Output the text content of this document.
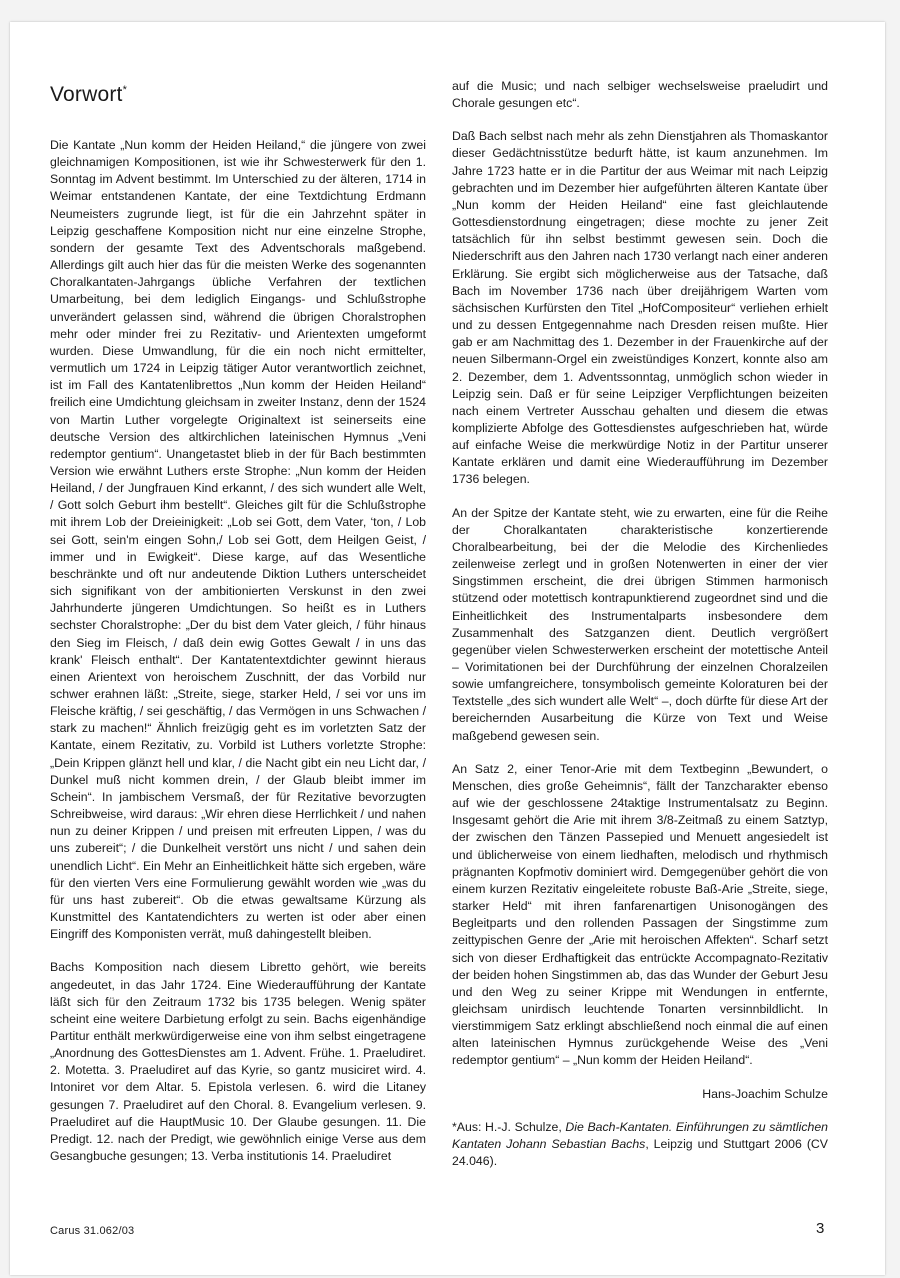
Vorwort*

Die Kantate „Nun komm der Heiden Heiland,“ die jüngere von zwei gleichnamigen Kompositionen, ist wie ihr Schwesterwerk für den 1. Sonntag im Advent bestimmt. Im Unterschied zu der älteren, 1714 in Weimar entstandenen Kantate, der eine Textdichtung Erdmann Neumeisters zugrunde liegt, ist für die ein Jahrzehnt später in Leipzig geschaffene Komposition nicht nur eine einzelne Strophe, sondern der gesamte Text des Adventschorals maßgebend. Allerdings gilt auch hier das für die meisten Werke des sogenannten Choralkantaten-Jahrgangs übliche Verfahren der textlichen Umarbeitung, bei dem lediglich Eingangs- und Schlußstrophe unverändert gelassen sind, während die übrigen Choralstrophen mehr oder minder frei zu Rezitativ- und Arientexten umgeformt wurden. Diese Umwandlung, für die ein noch nicht ermittelter, vermutlich um 1724 in Leipzig tätiger Autor verantwortlich zeichnet, ist im Fall des Kantatenlibrettos „Nun komm der Heiden Heiland“ freilich eine Umdichtung gleichsam in zweiter Instanz, denn der 1524 von Martin Luther vorgelegte Originaltext ist seinerseits eine deutsche Version des altkirchlichen lateinischen Hymnus „Veni redemptor gentium“. Unangetastet blieb in der für Bach bestimmten Version wie erwähnt Luthers erste Strophe: „Nun komm der Heiden Heiland, / der Jungfrauen Kind erkannt, / des sich wundert alle Welt, / Gott solch Geburt ihm bestellt“. Gleiches gilt für die Schlußstrophe mit ihrem Lob der Dreieinigkeit: „Lob sei Gott, dem Vater, ‘ton, / Lob sei Gott, sein'm eingen Sohn,/ Lob sei Gott, dem Heilgen Geist, / immer und in Ewigkeit“. Diese karge, auf das Wesentliche beschränkte und oft nur andeutende Diktion Luthers unterscheidet sich signifikant von der ambitionierten Verskunst in den zwei Jahrhunderte jüngeren Umdichtungen. So heißt es in Luthers sechster Choralstrophe: „Der du bist dem Vater gleich, / führ hinaus den Sieg im Fleisch, / daß dein ewig Gottes Gewalt / in uns das krank' Fleisch enthalt“. Der Kantatentextdichter gewinnt hieraus einen Arientext von heroischem Zuschnitt, der das Vorbild nur schwer erahnen läßt: „Streite, siege, starker Held, / sei vor uns im Fleische kräftig, / sei geschäftig, / das Vermögen in uns Schwachen / stark zu machen!“ Ähnlich freizügig geht es im vorletzten Satz der Kantate, einem Rezitativ, zu. Vorbild ist Luthers vorletzte Strophe: „Dein Krippen glänzt hell und klar, / die Nacht gibt ein neu Licht dar, / Dunkel muß nicht kommen drein, / der Glaub bleibt immer im Schein“. In jambischem Versmaß, der für Rezitative bevorzugten Schreibweise, wird daraus: „Wir ehren diese Herrlichkeit / und nahen nun zu deiner Krippen / und preisen mit erfreuten Lippen, / was du uns zubereit“; / die Dunkelheit verstört uns nicht / und sahen dein unendlich Licht“. Ein Mehr an Einheitlichkeit hätte sich ergeben, wäre für den vierten Vers eine Formulierung gewählt worden wie „was du für uns hast zubereit“. Ob die etwas gewaltsame Kürzung als Kunstmittel des Kantatendichters zu werten ist oder aber einen Eingriff des Komponisten verrät, muß dahingestellt bleiben.

Bachs Komposition nach diesem Libretto gehört, wie bereits angedeutet, in das Jahr 1724. Eine Wiederaufführung der Kantate läßt sich für den Zeitraum 1732 bis 1735 belegen. Wenig später scheint eine weitere Darbietung erfolgt zu sein. Bachs eigenhändige Partitur enthält merkwürdigerweise eine von ihm selbst eingetragene „Anordnung des GottesDienstes am 1. Advent. Frühe. 1. Praeludiret. 2. Motetta. 3. Praeludiret auf das Kyrie, so gantz musiciret wird. 4. Intoniret vor dem Altar. 5. Epistola verlesen. 6. wird die Litaney gesungen 7. Praeludiret auf den Choral. 8. Evangelium verlesen. 9. Praeludiret auf die HauptMusic 10. Der Glaube gesungen. 11. Die Predigt. 12. nach der Predigt, wie gewöhnlich einige Verse aus dem Gesangbuche gesungen; 13. Verba institutionis 14. Praeludiret

auf die Music; und nach selbiger wechselsweise praeludirt und Chorale gesungen etc“.

Daß Bach selbst nach mehr als zehn Dienstjahren als Thomaskantor dieser Gedächtnisstütze bedurft hätte, ist kaum anzunehmen. Im Jahre 1723 hatte er in die Partitur der aus Weimar mit nach Leipzig gebrachten und im Dezember hier aufgeführten älteren Kantate über „Nun komm der Heiden Heiland“ eine fast gleichlautende Gottesdienstordnung eingetragen; diese mochte zu jener Zeit tatsächlich für ihn selbst bestimmt gewesen sein. Doch die Niederschrift aus den Jahren nach 1730 verlangt nach einer anderen Erklärung. Sie ergibt sich möglicherweise aus der Tatsache, daß Bach im November 1736 nach über dreijährigem Warten vom sächsischen Kurfürsten den Titel „HofCompositeur“ verliehen erhielt und zu dessen Entgegennahme nach Dresden reisen mußte. Hier gab er am Nachmittag des 1. Dezember in der Frauenkirche auf der neuen Silbermann-Orgel ein zweistündiges Konzert, konnte also am 2. Dezember, dem 1. Adventssonntag, unmöglich schon wieder in Leipzig sein. Daß er für seine Leipziger Verpflichtungen beizeiten nach einem Vertreter Ausschau gehalten und diesem die etwas komplizierte Abfolge des Gottesdienstes aufgeschrieben hat, würde auf einfache Weise die merkwürdige Notiz in der Partitur unserer Kantate erklären und damit eine Wiederaufführung im Dezember 1736 belegen.

An der Spitze der Kantate steht, wie zu erwarten, eine für die Reihe der Choralkantaten charakteristische konzertierende Choralbearbeitung, bei der die Melodie des Kirchenliedes zeilenweise zerlegt und in großen Notenwerten in einer der vier Singstimmen erscheint, die drei übrigen Stimmen harmonisch stützend oder motettisch kontrapunktierend zugeordnet sind und die Einheitlichkeit des Instrumentalparts insbesondere dem Zusammenhalt des Satzganzen dient. Deutlich vergrößert gegenüber vielen Schwesterwerken erscheint der motettische Anteil – Vorimitationen bei der Durchführung der einzelnen Choralzeilen sowie umfangreichere, tonsymbolisch gemeinte Koloraturen bei der Textstelle „des sich wundert alle Welt“ –, doch dürfte für diese Art der bereichernden Ausarbeitung die Kürze von Text und Weise maßgebend gewesen sein.

An Satz 2, einer Tenor-Arie mit dem Textbeginn „Bewundert, o Menschen, dies große Geheimnis“, fällt der Tanzcharakter ebenso auf wie der geschlossene 24taktige Instrumentalsatz zu Beginn. Insgesamt gehört die Arie mit ihrem 3/8-Zeitmaß zu einem Satztyp, der zwischen den Tänzen Passepied und Menuett angesiedelt ist und üblicherweise von einem liedhaften, melodisch und rhythmisch prägnanten Kopfmotiv dominiert wird. Demgegenüber gehört die von einem kurzen Rezitativ eingeleitete robuste Baß-Arie „Streite, siege, starker Held“ mit ihren fanfarenartigen Unisonogängen des Begleitparts und den rollenden Passagen der Singstimme zum zeittypischen Genre der „Arie mit heroischen Affekten“. Scharf setzt sich von dieser Erdhaftigkeit das entrückte Accompagnato-Rezitativ der beiden hohen Singstimmen ab, das das Wunder der Geburt Jesu und den Weg zu seiner Krippe mit Wendungen in entfernte, gleichsam unirdisch leuchtende Tonarten versinnbildlicht. In vierstimmigem Satz erklingt abschließend noch einmal die auf einen alten lateinischen Hymnus zurückgehende Weise des „Veni redemptor gentium“ – „Nun komm der Heiden Heiland“.

Hans-Joachim Schulze

*Aus: H.-J. Schulze, Die Bach-Kantaten. Einführungen zu sämtlichen Kantaten Johann Sebastian Bachs, Leipzig und Stuttgart 2006 (CV 24.046).

Carus 31.062/03	3
